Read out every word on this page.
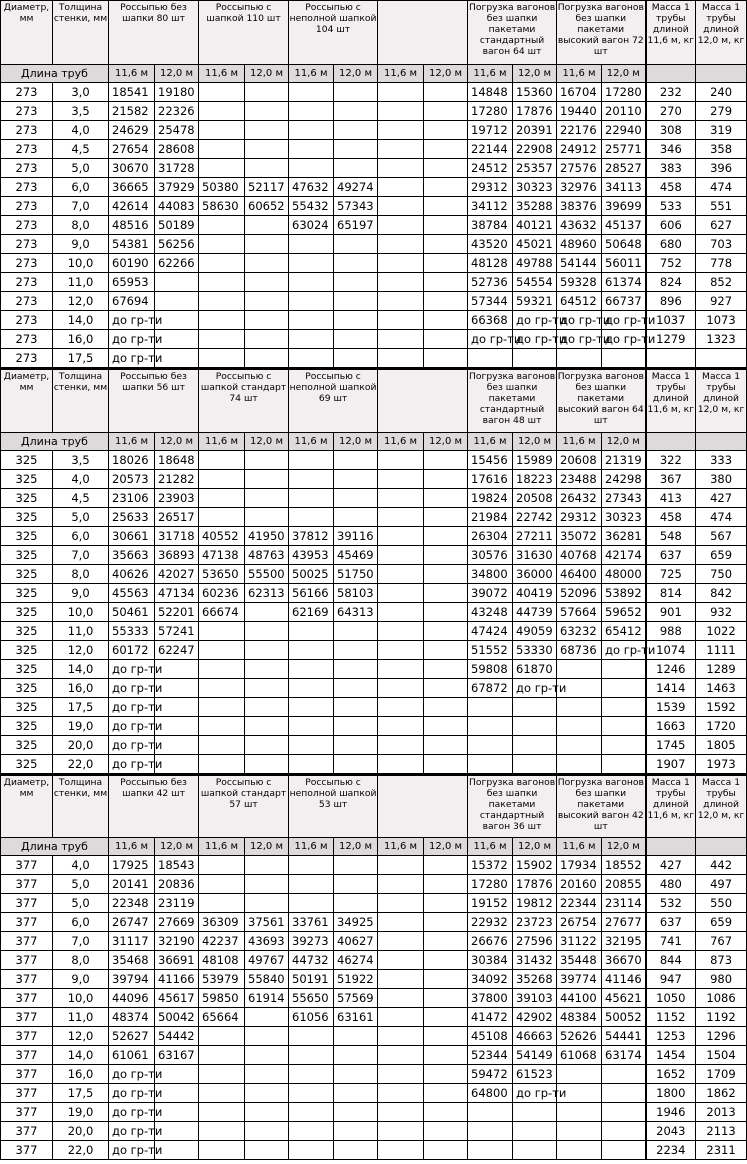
Диаметр, мм	Толщина стенки, мм	Россыпью без шапки 80 шт		Россыпью с шапкой 110 шт		Россыпью с неполной шапкой 104 шт				Погрузка вагонов без шапки пакетами стандартный вагон 64 шт		Погрузка вагонов без шапки пакетами высокий вагон 72 шт		Масса 1 трубы длиной 11,6 м, кг	Масса 1 трубы длиной 12,0 м, кг
Длина труб		11,6 м	12,0 м	11,6 м	12,0 м	11,6 м	12,0 м	11,6 м	12,0 м	11,6 м	12,0 м	11,6 м	12,0 м		
273	3,0	18541	19180							14848	15360	16704	17280	232	240
273	3,5	21582	22326							17280	17876	19440	20110	270	279
273	4,0	24629	25478							19712	20391	22176	22940	308	319
273	4,5	27654	28608							22144	22908	24912	25771	346	358
273	5,0	30670	31728							24512	25357	27576	28527	383	396
273	6,0	36665	37929	50380	52117	47632	49274			29312	30323	32976	34113	458	474
273	7,0	42614	44083	58630	60652	55432	57343			34112	35288	38376	39699	533	551
273	8,0	48516	50189			63024	65197			38784	40121	43632	45137	606	627
273	9,0	54381	56256							43520	45021	48960	50648	680	703
273	10,0	60190	62266							48128	49788	54144	56011	752	778
273	11,0	65953								52736	54554	59328	61374	824	852
273	12,0	67694								57344	59321	64512	66737	896	927
273	14,0	до гр-ти								66368	до гр-ти	до гр-ти	до гр-ти	1037	1073
273	16,0	до гр-ти								до гр-ти	до гр-ти	до гр-ти	до гр-ти	1279	1323
273	17,5	до гр-ти													
Диаметр, мм	Толщина стенки, мм	Россыпью без шапки 56 шт		Россыпью с шапкой стандарт 74 шт		Россыпью с неполной шапкой 69 шт				Погрузка вагонов без шапки пакетами стандартный вагон 48 шт		Погрузка вагонов без шапки пакетами высокий вагон 64 шт		Масса 1 трубы длиной 11,6 м, кг	Масса 1 трубы длиной 12,0 м, кг
Длина труб		11,6 м	12,0 м	11,6 м	12,0 м	11,6 м	12,0 м	11,6 м	12,0 м	11,6 м	12,0 м	11,6 м	12,0 м		
325	3,5	18026	18648							15456	15989	20608	21319	322	333
325	4,0	20573	21282							17616	18223	23488	24298	367	380
325	4,5	23106	23903							19824	20508	26432	27343	413	427
325	5,0	25633	26517							21984	22742	29312	30323	458	474
325	6,0	30661	31718	40552	41950	37812	39116			26304	27211	35072	36281	548	567
325	7,0	35663	36893	47138	48763	43953	45469			30576	31630	40768	42174	637	659
325	8,0	40626	42027	53650	55500	50025	51750			34800	36000	46400	48000	725	750
325	9,0	45563	47134	60236	62313	56166	58103			39072	40419	52096	53892	814	842
325	10,0	50461	52201	66674		62169	64313			43248	44739	57664	59652	901	932
325	11,0	55333	57241							47424	49059	63232	65412	988	1022
325	12,0	60172	62247							51552	53330	68736	до гр-ти	1074	1111
325	14,0	до гр-ти								59808	61870			1246	1289
325	16,0	до гр-ти								67872	до гр-ти			1414	1463
325	17,5	до гр-ти												1539	1592
325	19,0	до гр-ти												1663	1720
325	20,0	до гр-ти												1745	1805
325	22,0	до гр-ти												1907	1973
Диаметр, мм	Толщина стенки, мм	Россыпью без шапки 42 шт		Россыпью с шапкой стандарт 57 шт		Россыпью с неполной шапкой 53 шт				Погрузка вагонов без шапки пакетами стандартный вагон 36 шт		Погрузка вагонов без шапки пакетами высокий вагон 42 шт		Масса 1 трубы длиной 11,6 м, кг	Масса 1 трубы длиной 12,0 м, кг
Длина труб		11,6 м	12,0 м	11,6 м	12,0 м	11,6 м	12,0 м	11,6 м	12,0 м	11,6 м	12,0 м	11,6 м	12,0 м		
377	4,0	17925	18543							15372	15902	17934	18552	427	442
377	5,0	20141	20836							17280	17876	20160	20855	480	497
377	5,0	22348	23119							19152	19812	22344	23114	532	550
377	6,0	26747	27669	36309	37561	33761	34925			22932	23723	26754	27677	637	659
377	7,0	31117	32190	42237	43693	39273	40627			26676	27596	31122	32195	741	767
377	8,0	35468	36691	48108	49767	44732	46274			30384	31432	35448	36670	844	873
377	9,0	39794	41166	53979	55840	50191	51922			34092	35268	39774	41146	947	980
377	10,0	44096	45617	59850	61914	55650	57569			37800	39103	44100	45621	1050	1086
377	11,0	48374	50042	65664		61056	63161			41472	42902	48384	50052	1152	1192
377	12,0	52627	54442							45108	46663	52626	54441	1253	1296
377	14,0	61061	63167							52344	54149	61068	63174	1454	1504
377	16,0	до гр-ти								59472	61523			1652	1709
377	17,5	до гр-ти								64800	до гр-ти			1800	1862
377	19,0	до гр-ти												1946	2013
377	20,0	до гр-ти												2043	2113
377	22,0	до гр-ти												2234	2311
